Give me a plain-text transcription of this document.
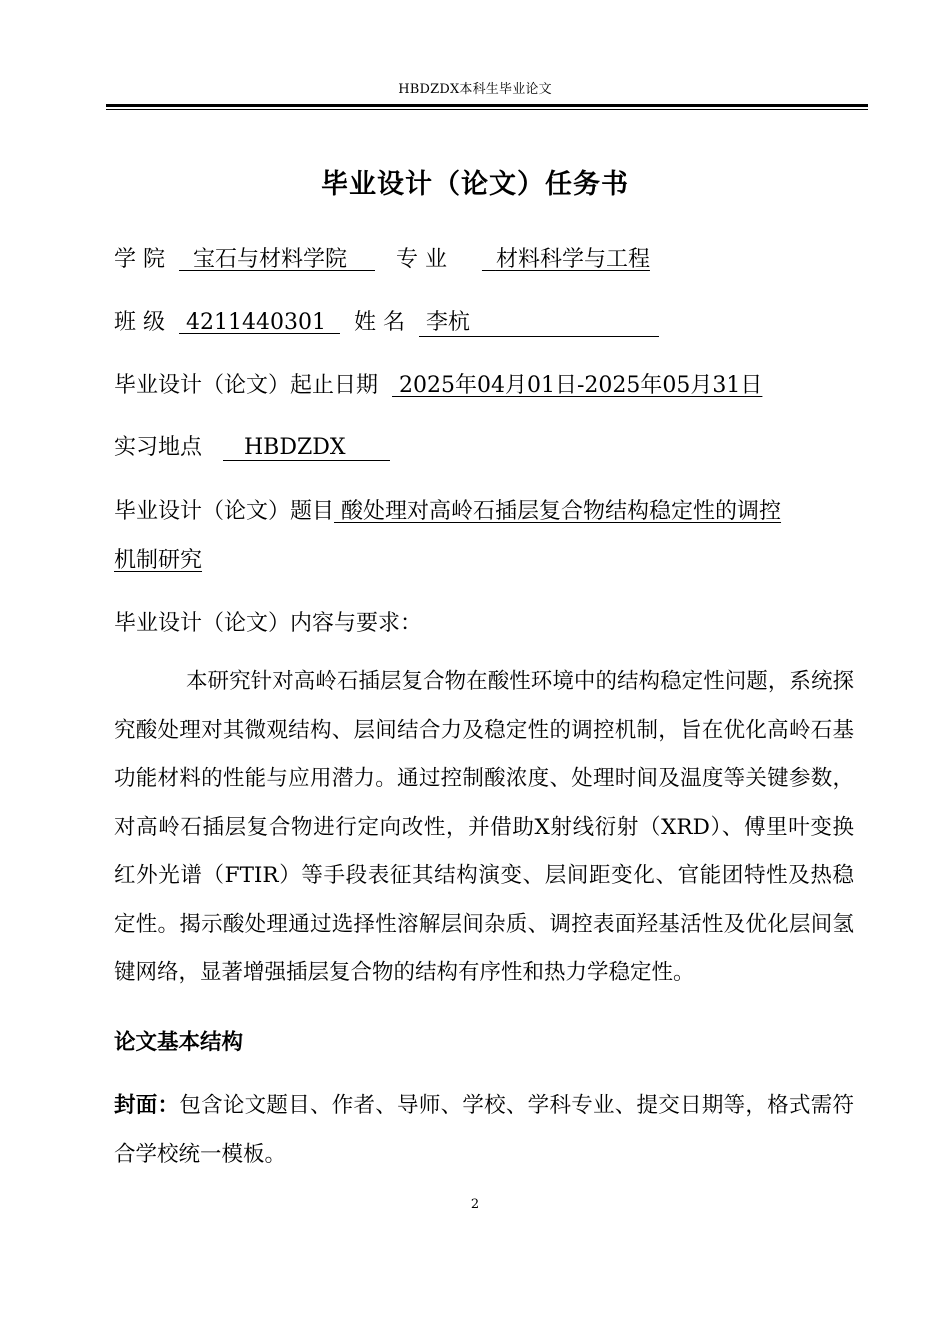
HBDZDX本科生毕业论文
毕业设计（论文）任务书
学 院 宝石与材料学院 专 业 材料科学与工程
班 级 4211440301 姓 名 李杭
毕业设计（论文）起止日期 2025年04月01日-2025年05月31日
实习地点 HBDZDX
毕业设计（论文）题目 酸处理对高岭石插层复合物结构稳定性的调控
机制研究
毕业设计（论文）内容与要求：
本研究针对高岭石插层复合物在酸性环境中的结构稳定性问题，系统探究酸处理对其微观结构、层间结合力及稳定性的调控机制，旨在优化高岭石基功能材料的性能与应用潜力。通过控制酸浓度、处理时间及温度等关键参数，对高岭石插层复合物进行定向改性，并借助X射线衍射（XRD）、傅里叶变换红外光谱（FTIR）等手段表征其结构演变、层间距变化、官能团特性及热稳定性。揭示酸处理通过选择性溶解层间杂质、调控表面羟基活性及优化层间氢键网络，显著增强插层复合物的结构有序性和热力学稳定性。
论文基本结构
封面：包含论文题目、作者、导师、学校、学科专业、提交日期等，格式需符合学校统一模板。
2
